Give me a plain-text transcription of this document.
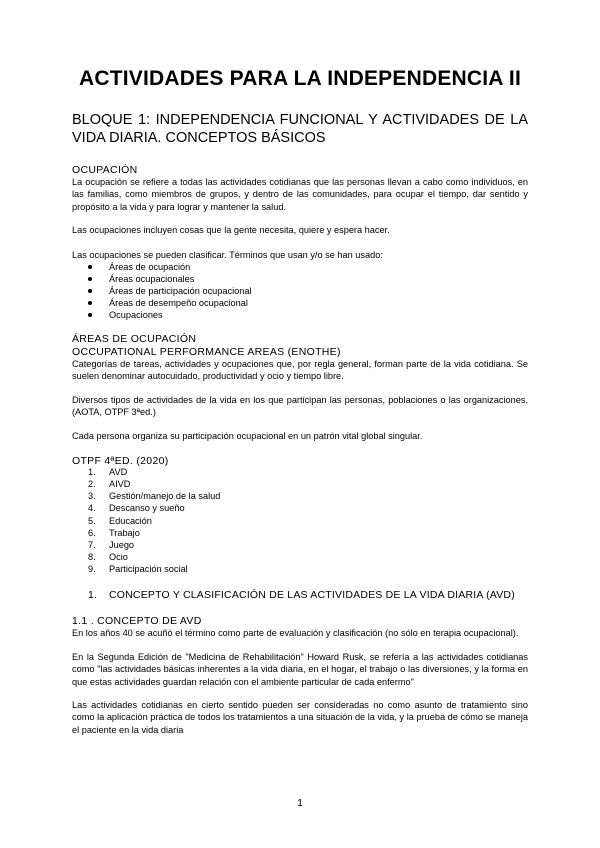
ACTIVIDADES PARA LA INDEPENDENCIA II
BLOQUE 1: INDEPENDENCIA FUNCIONAL Y ACTIVIDADES DE LA VIDA DIARIA. CONCEPTOS BÁSICOS
OCUPACIÓN
La ocupación se refiere a todas las actividades cotidianas que las personas llevan a cabo como individuos, en las familias, como miembros de grupos, y dentro de las comunidades, para ocupar el tiempo, dar sentido y propósito a la vida y para lograr y mantener la salud.
Las ocupaciones incluyen cosas que la gente necesita, quiere y espera hacer.
Las ocupaciones se pueden clasificar. Términos que usan y/o se han usado:
Áreas de ocupación
Áreas ocupacionales
Áreas de participación ocupacional
Áreas de desempeño ocupacional
Ocupaciones
ÁREAS DE OCUPACIÓN
OCCUPATIONAL PERFORMANCE AREAS (ENOTHE)
Categorías de tareas, actividades y ocupaciones que, por regla general, forman parte de la vida cotidiana. Se suelen denominar autocuidado, productividad y ocio y tiempo libre.
Diversos tipos de actividades de la vida en los que participan las personas, poblaciones o las organizaciones. (AOTA, OTPF 3ªed.)
Cada persona organiza su participación ocupacional en un patrón vital global singular.
OTPF 4ªED. (2020)
1. AVD
2. AIVD
3. Gestión/manejo de la salud
4. Descanso y sueño
5. Educación
6. Trabajo
7. Juego
8. Ocio
9. Participación social
1. CONCEPTO Y CLASIFICACIÓN DE LAS ACTIVIDADES DE LA VIDA DIARIA (AVD)
1.1 . CONCEPTO DE AVD
En los años 40 se acuñó el término como parte de evaluación y clasificación (no sólo en terapia ocupacional).
En la Segunda Edición de "Medicina de Rehabilitación" Howard Rusk, se refería a las actividades cotidianas como "las actividades básicas inherentes a la vida diaria, en el hogar, el trabajo o las diversiones, y la forma en que estas actividades guardan relación con el ambiente particular de cada enfermo"
Las actividades cotidianas en cierto sentido pueden ser consideradas no como asunto de tratamiento sino como la aplicación práctica de todos los tratamientos a una situación de la vida, y la prueba de cómo se maneja el paciente en la vida diaria
1
